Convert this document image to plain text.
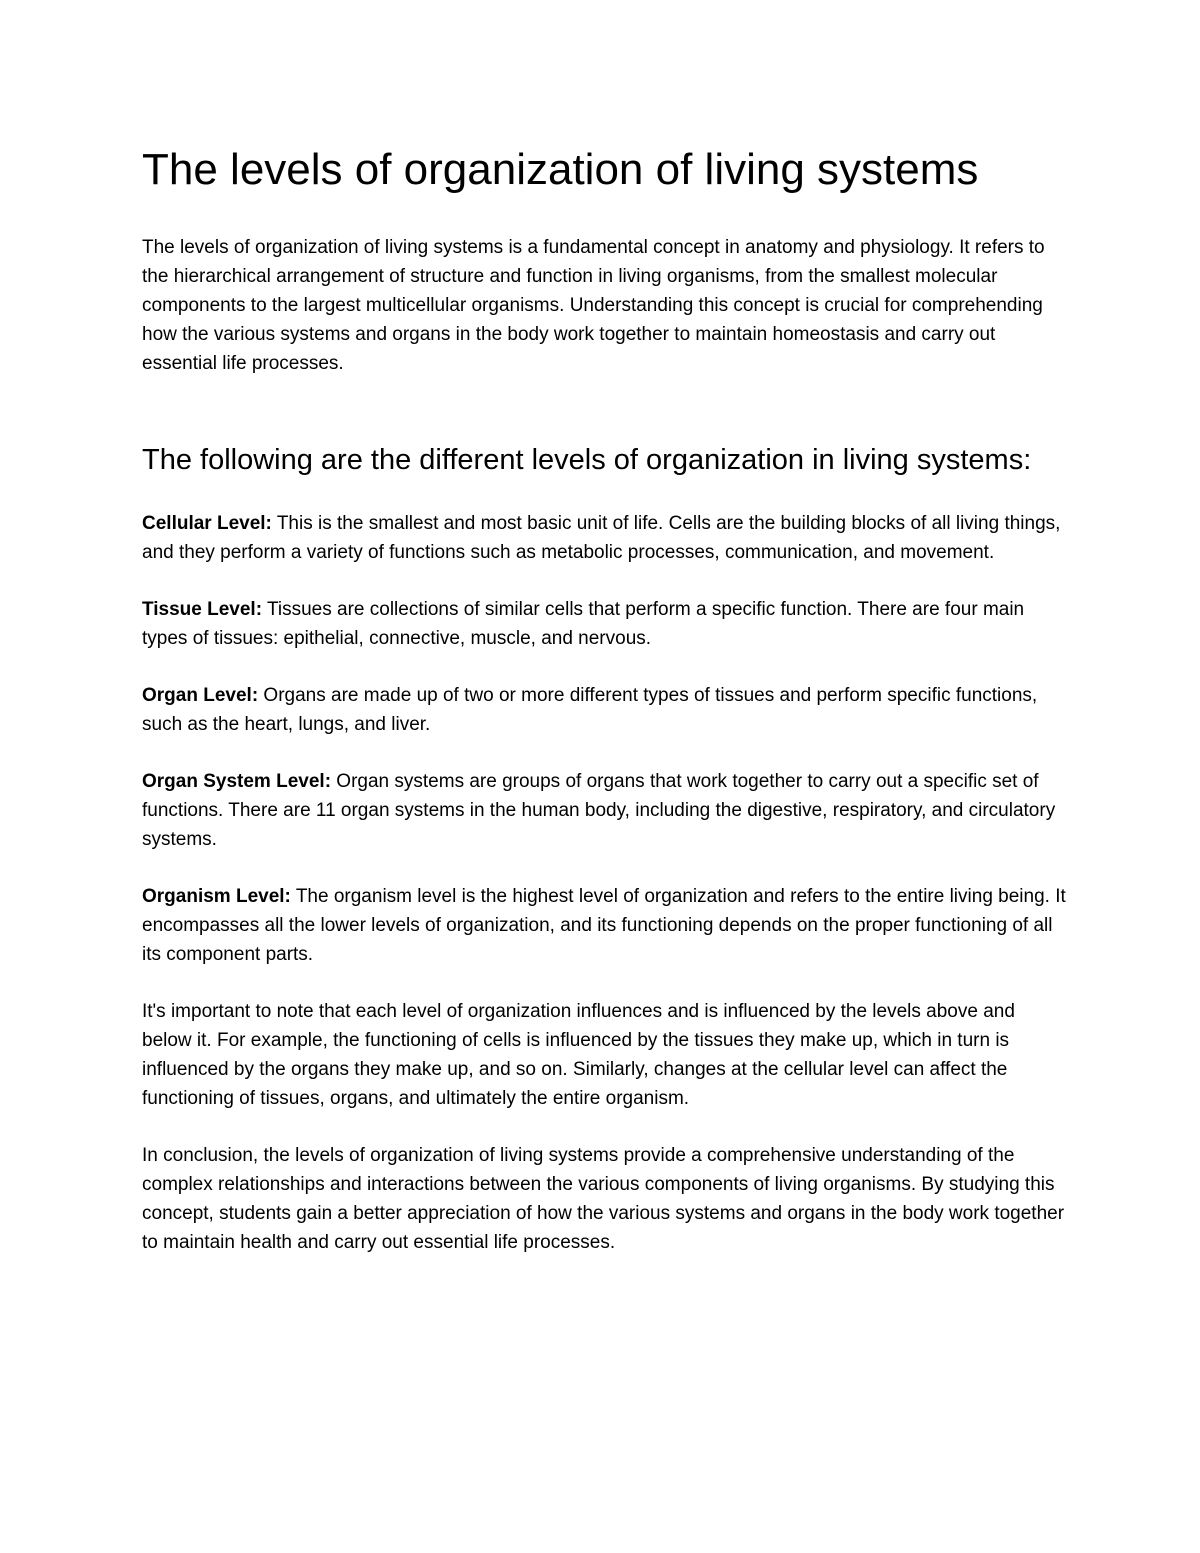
The levels of organization of living systems

The levels of organization of living systems is a fundamental concept in anatomy and physiology. It refers to the hierarchical arrangement of structure and function in living organisms, from the smallest molecular components to the largest multicellular organisms. Understanding this concept is crucial for comprehending how the various systems and organs in the body work together to maintain homeostasis and carry out essential life processes.

The following are the different levels of organization in living systems:
Cellular Level: This is the smallest and most basic unit of life. Cells are the building blocks of all living things, and they perform a variety of functions such as metabolic processes, communication, and movement.
Tissue Level: Tissues are collections of similar cells that perform a specific function. There are four main types of tissues: epithelial, connective, muscle, and nervous.
Organ Level: Organs are made up of two or more different types of tissues and perform specific functions, such as the heart, lungs, and liver.
Organ System Level: Organ systems are groups of organs that work together to carry out a specific set of functions. There are 11 organ systems in the human body, including the digestive, respiratory, and circulatory systems.
Organism Level: The organism level is the highest level of organization and refers to the entire living being. It encompasses all the lower levels of organization, and its functioning depends on the proper functioning of all its component parts.

It's important to note that each level of organization influences and is influenced by the levels above and below it. For example, the functioning of cells is influenced by the tissues they make up, which in turn is influenced by the organs they make up, and so on. Similarly, changes at the cellular level can affect the functioning of tissues, organs, and ultimately the entire organism.

In conclusion, the levels of organization of living systems provide a comprehensive understanding of the complex relationships and interactions between the various components of living organisms. By studying this concept, students gain a better appreciation of how the various systems and organs in the body work together to maintain health and carry out essential life processes.
